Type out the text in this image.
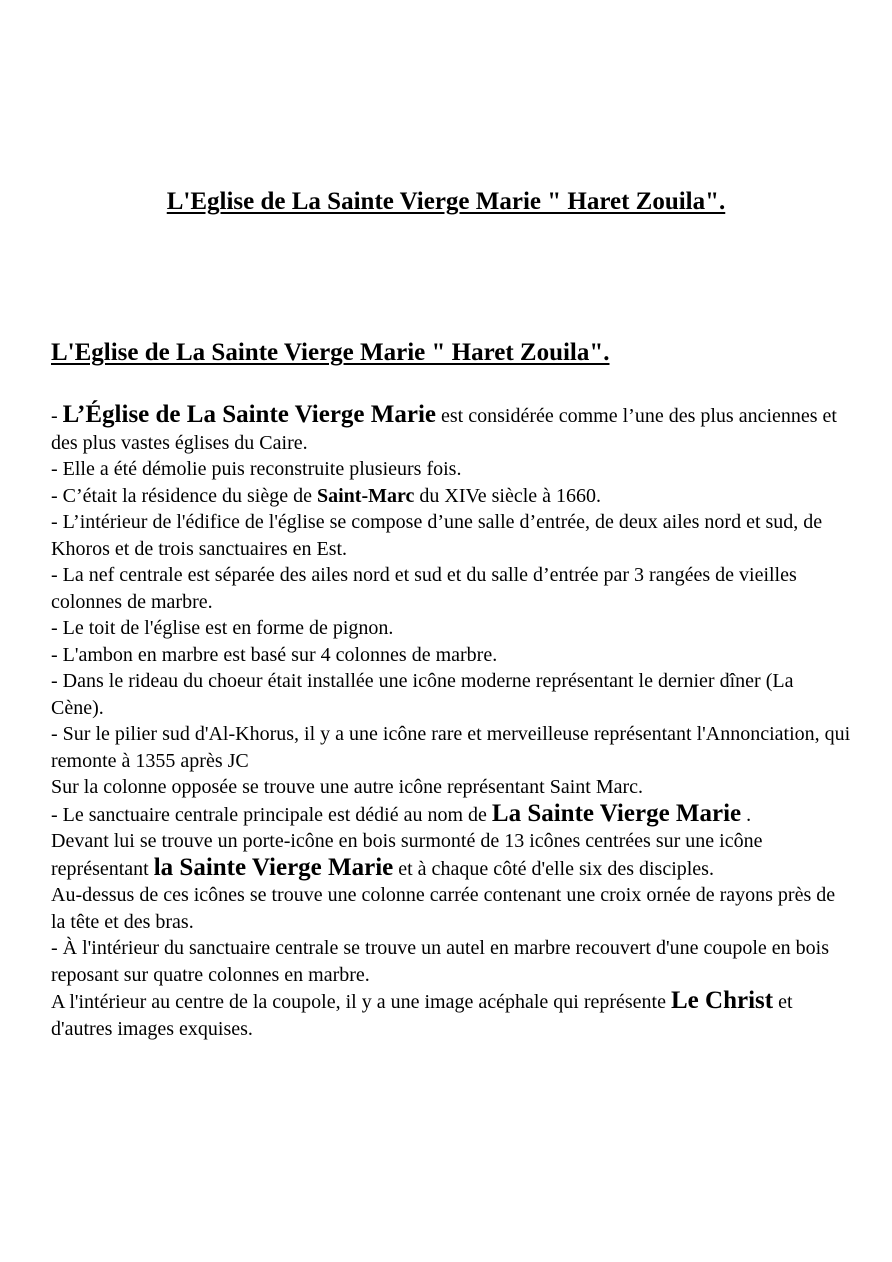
L'Eglise de La Sainte Vierge Marie " Haret Zouila".
L'Eglise de La Sainte Vierge Marie " Haret Zouila".

- L’Église de La Sainte Vierge Marie est considérée comme l’une des plus anciennes et des plus vastes églises du Caire.

- Elle a été démolie puis reconstruite plusieurs fois.

- C’était la résidence du siège de Saint-Marc du XIVe siècle à 1660.

- L’intérieur de l'édifice de l'église se compose d’une salle d’entrée, de deux ailes nord et sud, de Khoros et de trois sanctuaires en Est.

- La nef centrale est séparée des ailes nord et sud et du salle d’entrée par 3 rangées de vieilles colonnes de marbre.

- Le toit de l'église est en forme de pignon.

- L'ambon en marbre est basé sur 4 colonnes de marbre.

- Dans le rideau du choeur était installée une icône moderne représentant le dernier dîner (La Cène).

- Sur le pilier sud d'Al-Khorus, il y a une icône rare et merveilleuse représentant l'Annonciation, qui remonte à 1355 après JC

Sur la colonne opposée se trouve une autre icône représentant Saint Marc.

- Le sanctuaire centrale principale est dédié au nom de La Sainte Vierge Marie .

Devant lui se trouve un porte-icône en bois surmonté de 13 icônes centrées sur une icône représentant la Sainte Vierge Marie et à chaque côté d'elle six des disciples.

Au-dessus de ces icônes se trouve une colonne carrée contenant une croix ornée de rayons près de la tête et des bras.

- À l'intérieur du sanctuaire centrale se trouve un autel en marbre recouvert d'une coupole en bois reposant sur quatre colonnes en marbre.

A l'intérieur au centre de la coupole, il y a une image acéphale qui représente Le Christ et d'autres images exquises.
